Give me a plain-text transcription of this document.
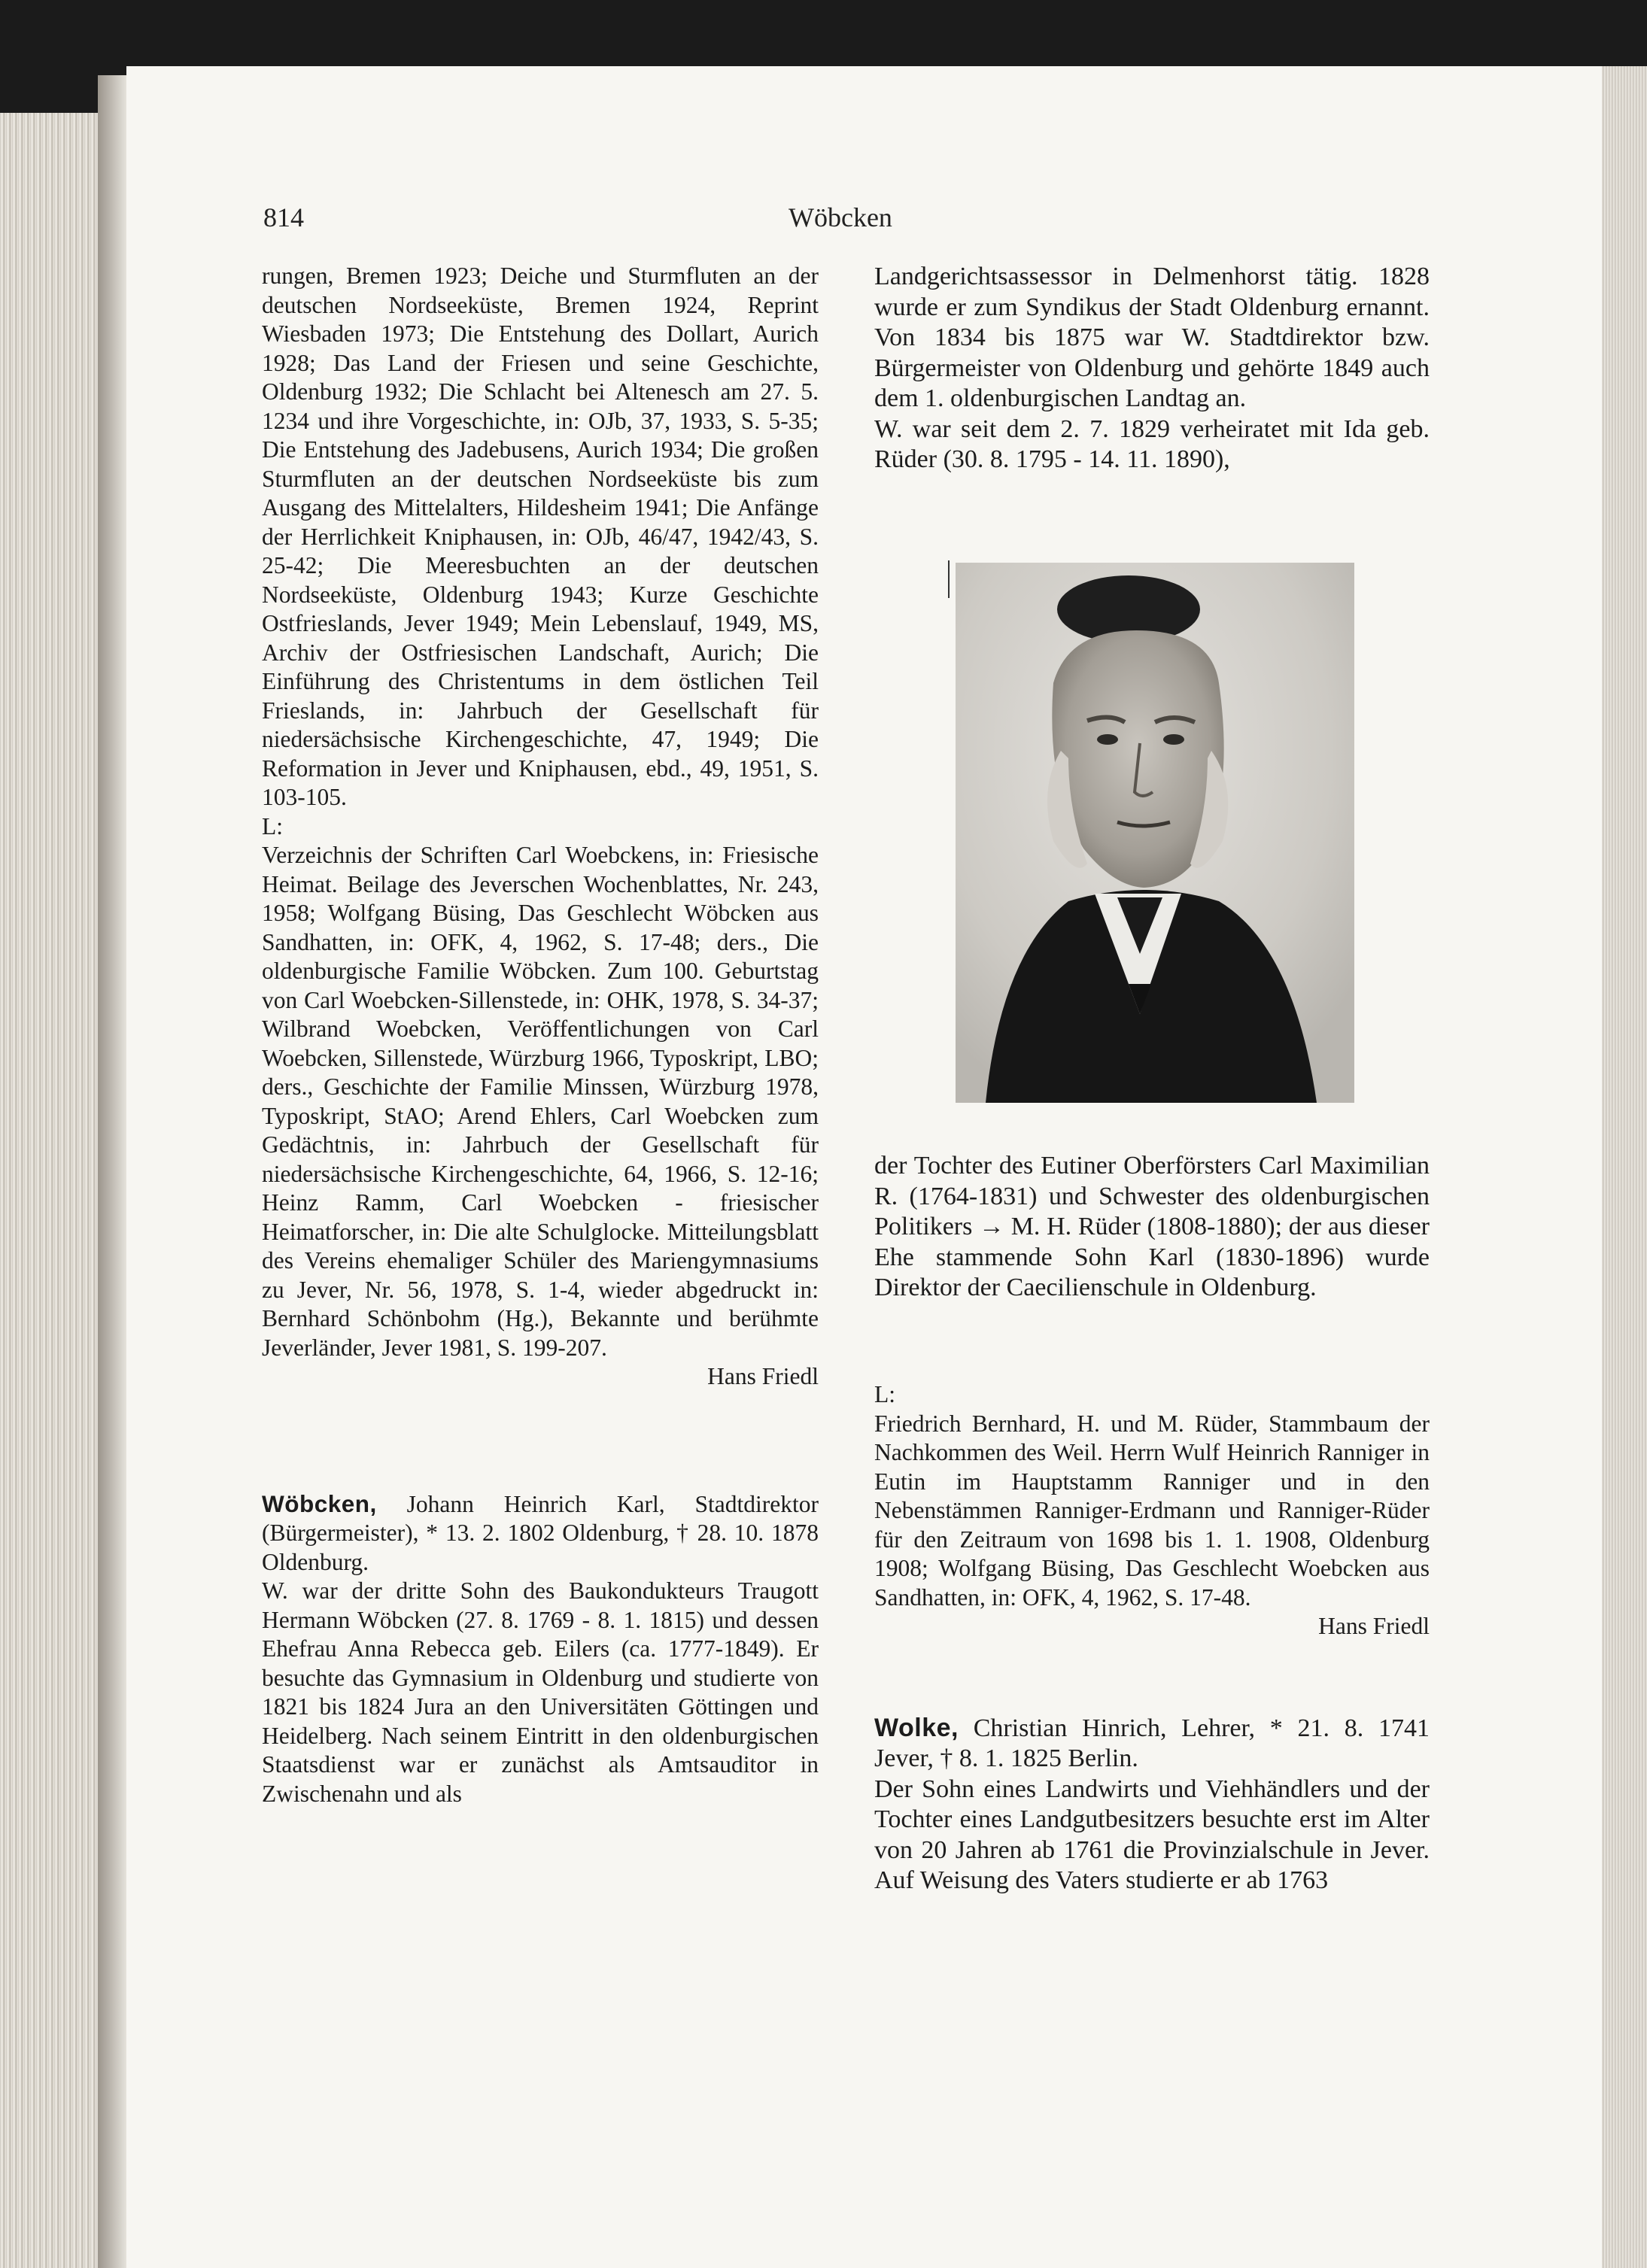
814	Wöbcken

rungen, Bremen 1923; Deiche und Sturmfluten an der deutschen Nordseeküste, Bremen 1924, Reprint Wiesbaden 1973; Die Entstehung des Dollart, Aurich 1928; Das Land der Friesen und seine Geschichte, Oldenburg 1932; Die Schlacht bei Altenesch am 27. 5. 1234 und ihre Vorgeschichte, in: OJb, 37, 1933, S. 5-35; Die Entstehung des Jadebusens, Aurich 1934; Die großen Sturmfluten an der deutschen Nordseeküste bis zum Ausgang des Mittelalters, Hildesheim 1941; Die Anfänge der Herrlichkeit Kniphausen, in: OJb, 46/47, 1942/43, S. 25-42; Die Meeresbuchten an der deutschen Nordseeküste, Oldenburg 1943; Kurze Geschichte Ostfrieslands, Jever 1949; Mein Lebenslauf, 1949, MS, Archiv der Ostfriesischen Landschaft, Aurich; Die Einführung des Christentums in dem östlichen Teil Frieslands, in: Jahrbuch der Gesellschaft für niedersächsische Kirchengeschichte, 47, 1949; Die Reformation in Jever und Kniphausen, ebd., 49, 1951, S. 103-105.

L:

Verzeichnis der Schriften Carl Woebckens, in: Friesische Heimat. Beilage des Jeverschen Wochenblattes, Nr. 243, 1958; Wolfgang Büsing, Das Geschlecht Wöbcken aus Sandhatten, in: OFK, 4, 1962, S. 17-48; ders., Die oldenburgische Familie Wöbcken. Zum 100. Geburtstag von Carl Woebcken-Sillenstede, in: OHK, 1978, S. 34-37; Wilbrand Woebcken, Veröffentlichungen von Carl Woebcken, Sillenstede, Würzburg 1966, Typoskript, LBO; ders., Geschichte der Familie Minssen, Würzburg 1978, Typoskript, StAO; Arend Ehlers, Carl Woebcken zum Gedächtnis, in: Jahrbuch der Gesellschaft für niedersächsische Kirchengeschichte, 64, 1966, S. 12-16; Heinz Ramm, Carl Woebcken - friesischer Heimatforscher, in: Die alte Schulglocke. Mitteilungsblatt des Vereins ehemaliger Schüler des Mariengymnasiums zu Jever, Nr. 56, 1978, S. 1-4, wieder abgedruckt in: Bernhard Schönbohm (Hg.), Bekannte und berühmte Jeverländer, Jever 1981, S. 199-207.

Hans Friedl

Wöbcken, Johann Heinrich Karl, Stadtdirektor (Bürgermeister), * 13. 2. 1802 Oldenburg, † 28. 10. 1878 Oldenburg.

W. war der dritte Sohn des Baukondukteurs Traugott Hermann Wöbcken (27. 8. 1769 - 8. 1. 1815) und dessen Ehefrau Anna Rebecca geb. Eilers (ca. 1777-1849). Er besuchte das Gymnasium in Oldenburg und studierte von 1821 bis 1824 Jura an den Universitäten Göttingen und Heidelberg. Nach seinem Eintritt in den oldenburgischen Staatsdienst war er zunächst als Amtsauditor in Zwischenahn und als

Landgerichtsassessor in Delmenhorst tätig. 1828 wurde er zum Syndikus der Stadt Oldenburg ernannt. Von 1834 bis 1875 war W. Stadtdirektor bzw. Bürgermeister von Oldenburg und gehörte 1849 auch dem 1. oldenburgischen Landtag an.

W. war seit dem 2. 7. 1829 verheiratet mit Ida geb. Rüder (30. 8. 1795 - 14. 11. 1890),

der Tochter des Eutiner Oberförsters Carl Maximilian R. (1764-1831) und Schwester des oldenburgischen Politikers → M. H. Rüder (1808-1880); der aus dieser Ehe stammende Sohn Karl (1830-1896) wurde Direktor der Caecilienschule in Oldenburg.

L:

Friedrich Bernhard, H. und M. Rüder, Stammbaum der Nachkommen des Weil. Herrn Wulf Heinrich Ranniger in Eutin im Hauptstamm Ranniger und in den Nebenstämmen Ranniger-Erdmann und Ranniger-Rüder für den Zeitraum von 1698 bis 1. 1. 1908, Oldenburg 1908; Wolfgang Büsing, Das Geschlecht Woebcken aus Sandhatten, in: OFK, 4, 1962, S. 17-48.

Hans Friedl

Wolke, Christian Hinrich, Lehrer, * 21. 8. 1741 Jever, † 8. 1. 1825 Berlin.

Der Sohn eines Landwirts und Viehhändlers und der Tochter eines Landgutbesitzers besuchte erst im Alter von 20 Jahren ab 1761 die Provinzialschule in Jever. Auf Weisung des Vaters studierte er ab 1763
